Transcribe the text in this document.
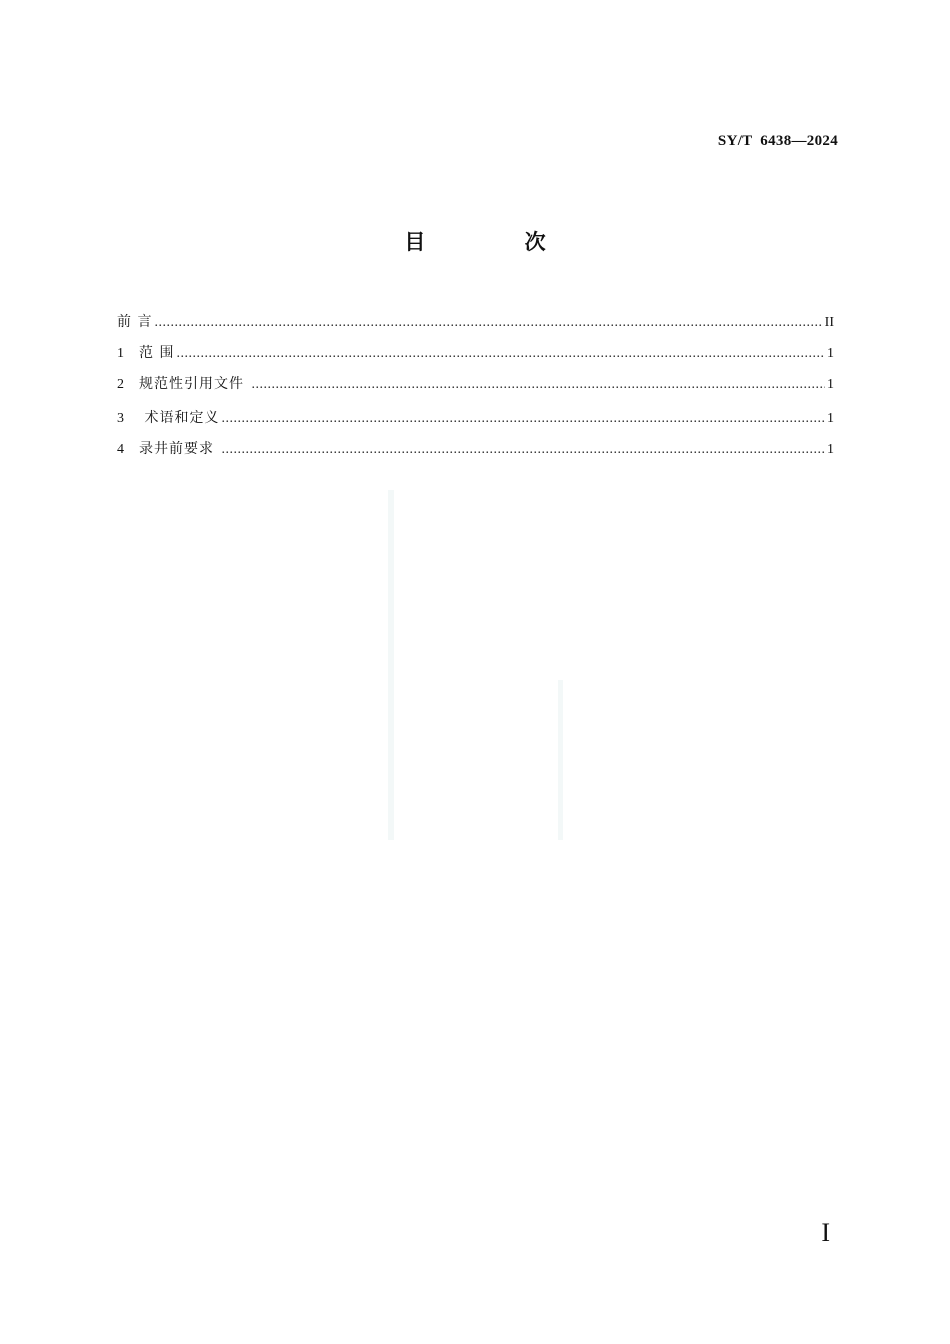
SY/T  6438—2024
目 次
前 言 .....	II
1	范 围 .....	1
2	规范性引用文件 .....	1
3	术语和定义 .....	1
4	录井前要求 .....	1
I
